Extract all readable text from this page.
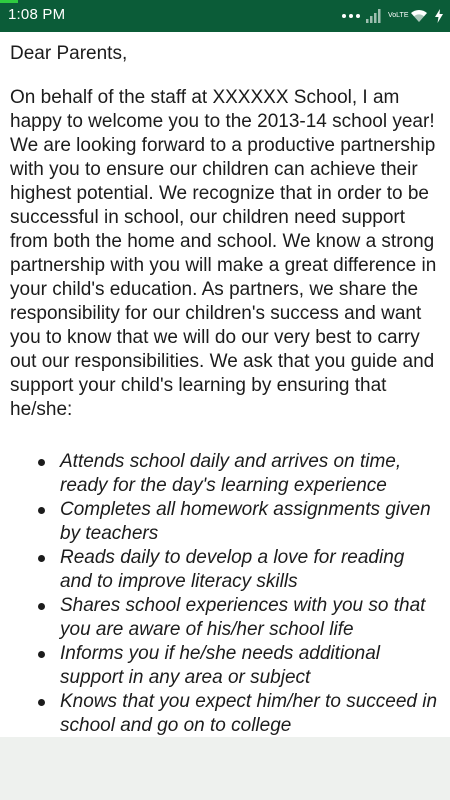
1:08 PM	VoLTE
Dear Parents,
On behalf of the staff at XXXXXX School, I am happy to welcome you to the 2013-14 school year! We are looking forward to a productive partnership with you to ensure our children can achieve their highest potential. We recognize that in order to be successful in school, our children need support from both the home and school. We know a strong partnership with you will make a great difference in your child's education. As partners, we share the responsibility for our children's success and want you to know that we will do our very best to carry out our responsibilities. We ask that you guide and support your child's learning by ensuring that he/she:
Attends school daily and arrives on time, ready for the day's learning experience
Completes all homework assignments given by teachers
Reads daily to develop a love for reading and to improve literacy skills
Shares school experiences with you so that you are aware of his/her school life
Informs you if he/she needs additional support in any area or subject
Knows that you expect him/her to succeed in school and go on to college
